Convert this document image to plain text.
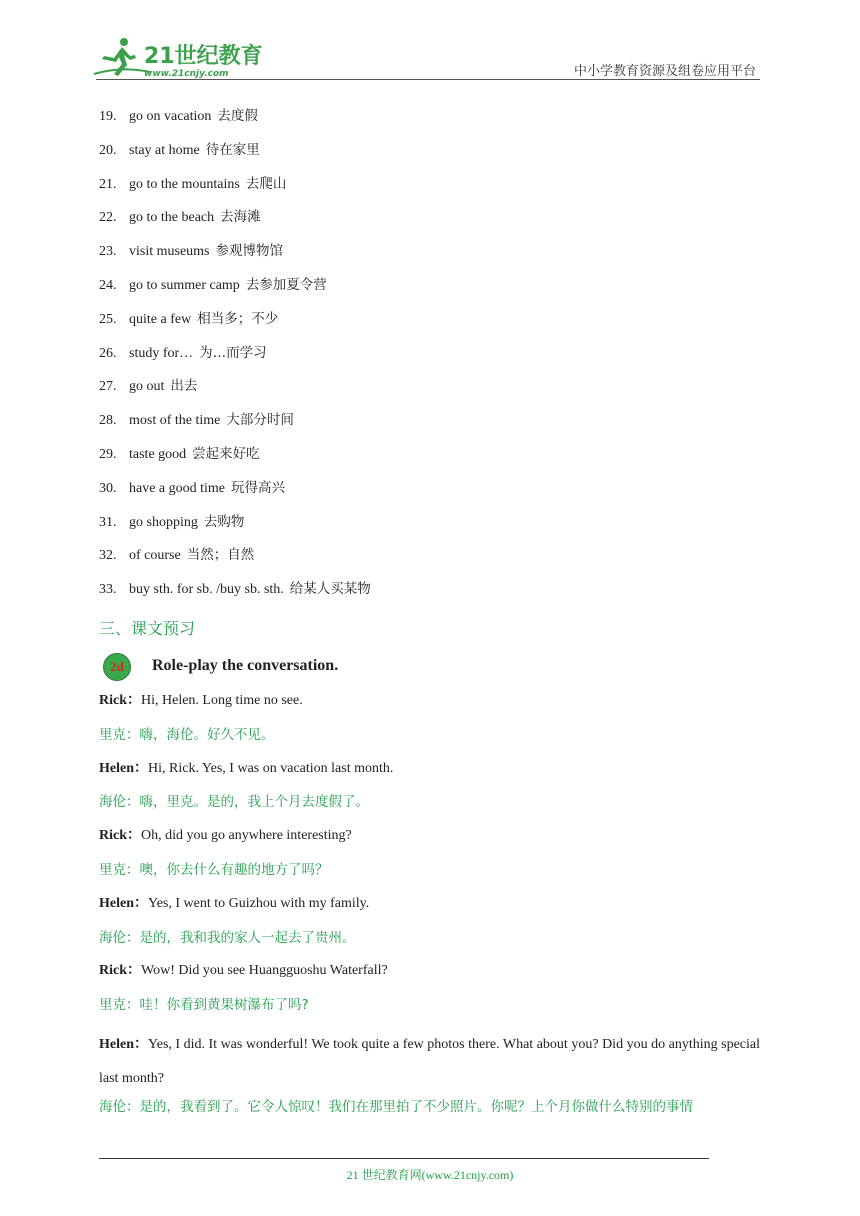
21世纪教育
www.21cnjy.com	中小学教育资源及组卷应用平台
19. go on vacation 去度假
20. stay at home 待在家里
21. go to the mountains 去爬山
22. go to the beach 去海滩
23. visit museums 参观博物馆
24. go to summer camp 去参加夏令营
25. quite a few 相当多；不少
26. study for… 为…而学习
27. go out 出去
28. most of the time 大部分时间
29. taste good 尝起来好吃
30. have a good time 玩得高兴
31. go shopping 去购物
32. of course 当然；自然
33. buy sth. for sb. /buy sb. sth. 给某人买某物
三、课文预习
2d	Role-play the conversation.
Rick：Hi, Helen. Long time no see.
里克：嗨，海伦。好久不见。
Helen：Hi, Rick. Yes, I was on vacation last month.
海伦：嗨，里克。是的，我上个月去度假了。
Rick：Oh, did you go anywhere interesting?
里克：噢，你去什么有趣的地方了吗？
Helen：Yes, I went to Guizhou with my family.
海伦：是的，我和我的家人一起去了贵州。
Rick：Wow! Did you see Huangguoshu Waterfall?
里克：哇！你看到黄果树瀑布了吗?
Helen：Yes, I did. It was wonderful! We took quite a few photos there. What about you? Did you do anything special last month?
海伦：是的，我看到了。它令人惊叹！我们在那里拍了不少照片。你呢？上个月你做什么特别的事情
21 世纪教育网(www.21cnjy.com)
